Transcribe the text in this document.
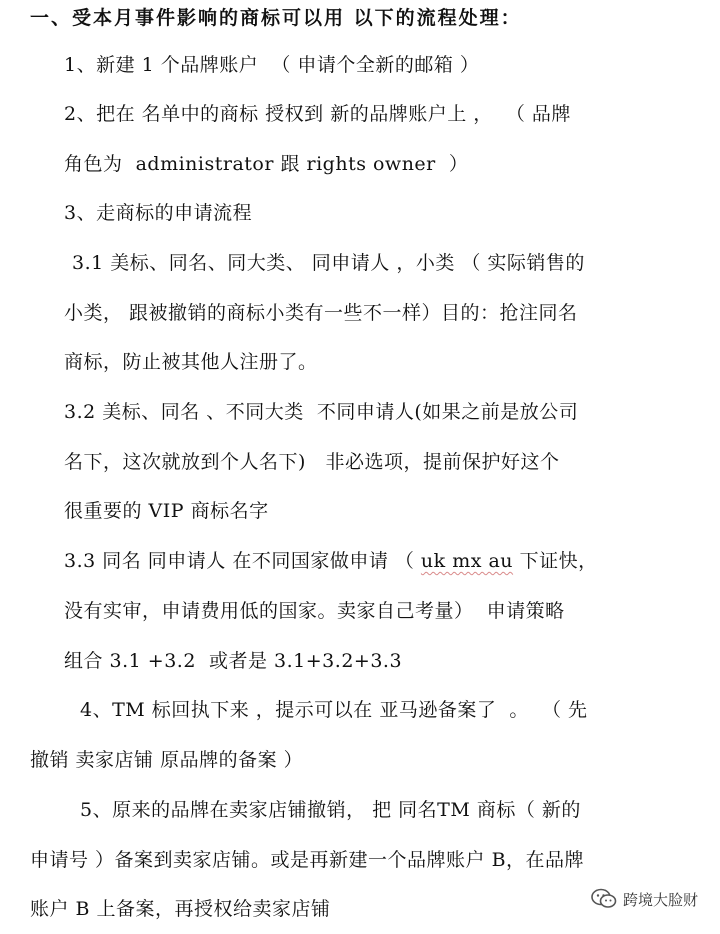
一、受本月事件影响的商标可以用 以下的流程处理：
1、新建 1 个品牌账户  （ 申请个全新的邮箱 ）
2、把在 名单中的商标 授权到 新的品牌账户上 ，  （ 品牌
角色为  administrator 跟 rights owner  ）
3、走商标的申请流程
3.1 美标、同名、同大类、 同申请人 ，小类 （ 实际销售的
小类， 跟被撤销的商标小类有一些不一样）目的：抢注同名
商标，防止被其他人注册了。
3.2 美标、同名 、不同大类  不同申请人(如果之前是放公司
名下，这次就放到个人名下)   非必选项，提前保护好这个
很重要的 VIP 商标名字
3.3 同名 同申请人 在不同国家做申请 （ uk mx au 下证快，
没有实审，申请费用低的国家。卖家自己考量）  申请策略
组合 3.1 +3.2  或者是 3.1+3.2+3.3
4、TM 标回执下来 ，提示可以在 亚马逊备案了  。  （ 先
撤销 卖家店铺 原品牌的备案 ）
5、原来的品牌在卖家店铺撤销， 把 同名TM 商标（ 新的
申请号 ）备案到卖家店铺。或是再新建一个品牌账户 B，在品牌
账户 B 上备案，再授权给卖家店铺	跨境大脸财
